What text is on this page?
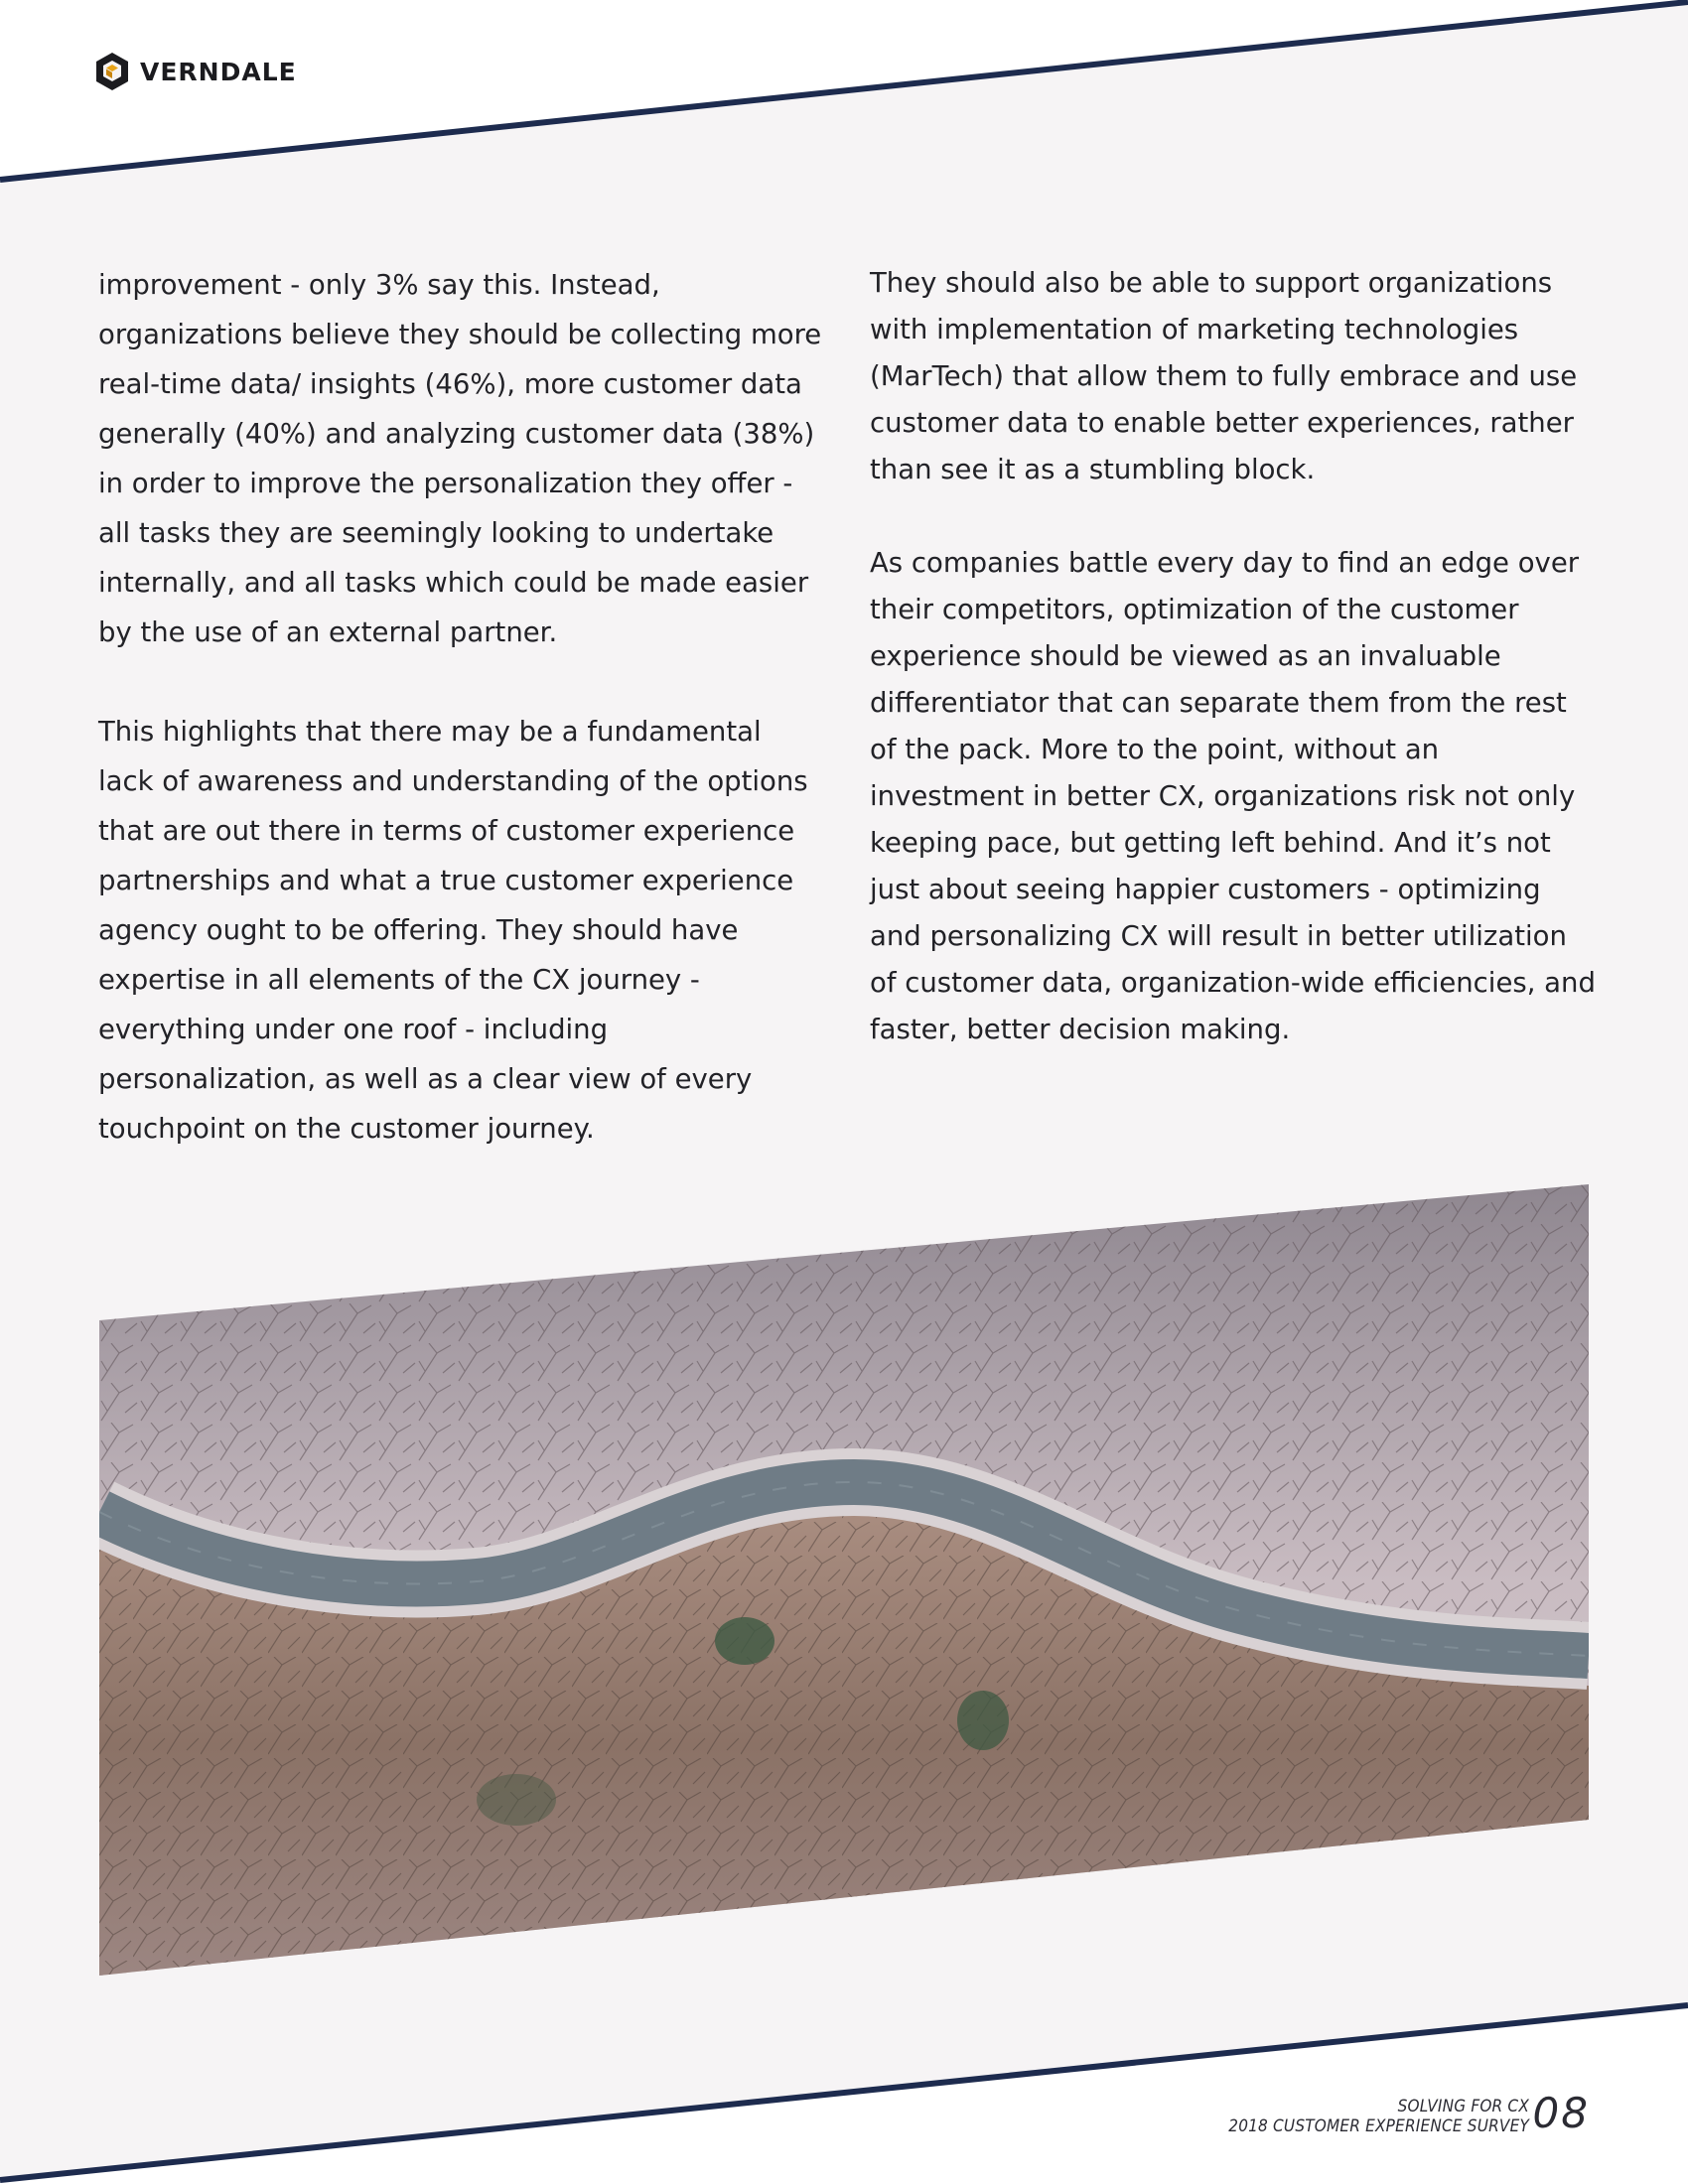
VERNDALE

improvement - only 3% say this. Instead, organizations believe they should be collecting more real-time data/ insights (46%), more customer data generally (40%) and analyzing customer data (38%) in order to improve the personalization they offer - all tasks they are seemingly looking to undertake internally, and all tasks which could be made easier by the use of an external partner.

This highlights that there may be a fundamental lack of awareness and understanding of the options that are out there in terms of customer experience partnerships and what a true customer experience agency ought to be offering. They should have expertise in all elements of the CX journey - everything under one roof - including personalization, as well as a clear view of every touchpoint on the customer journey.

They should also be able to support organizations with implementation of marketing technologies (MarTech) that allow them to fully embrace and use customer data to enable better experiences, rather than see it as a stumbling block.

As companies battle every day to find an edge over their competitors, optimization of the customer experience should be viewed as an invaluable differentiator that can separate them from the rest of the pack. More to the point, without an investment in better CX, organizations risk not only keeping pace, but getting left behind. And it’s not just about seeing happier customers - optimizing and personalizing CX will result in better utilization of customer data, organization-wide efficiencies, and faster, better decision making.

SOLVING FOR CX
2018 CUSTOMER EXPERIENCE SURVEY 08
